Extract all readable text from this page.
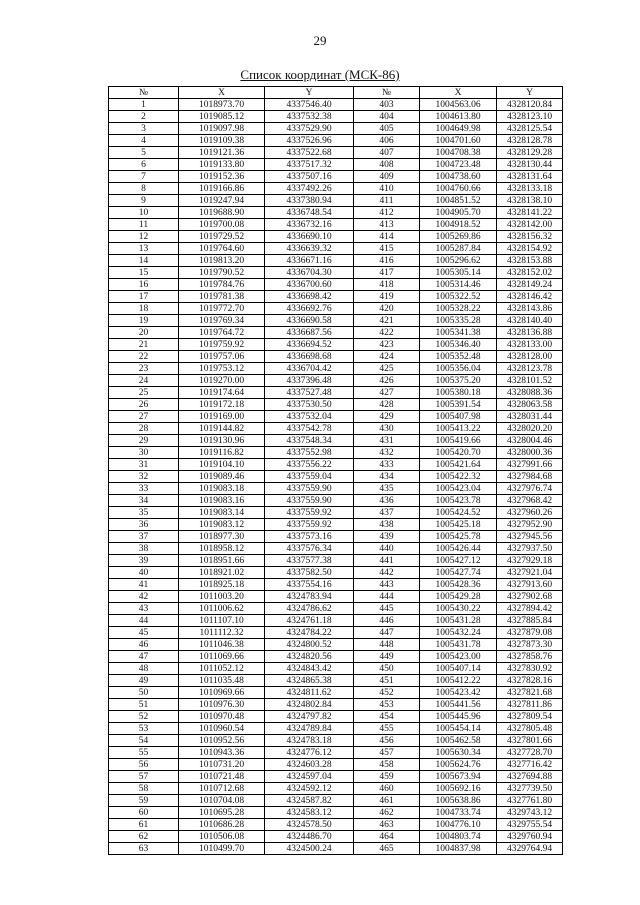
29
Список координат (МСК-86)
№	X	Y	№	X	Y
1	1018973.70	4337546.40	403	1004563.06	4328120.84
2	1019085.12	4337532.38	404	1004613.80	4328123.10
3	1019097.98	4337529.90	405	1004649.98	4328125.54
4	1019109.38	4337526.96	406	1004701.60	4328128.78
5	1019121.36	4337522.68	407	1004708.38	4328129.28
6	1019133.80	4337517.32	408	1004723.48	4328130.44
7	1019152.36	4337507.16	409	1004738.60	4328131.64
8	1019166.86	4337492.26	410	1004760.66	4328133.18
9	1019247.94	4337380.94	411	1004851.52	4328138.10
10	1019688.90	4336748.54	412	1004905.70	4328141.22
11	1019700.08	4336732.16	413	1004918.52	4328142.00
12	1019729.52	4336690.10	414	1005269.86	4328156.32
13	1019764.60	4336639.32	415	1005287.84	4328154.92
14	1019813.20	4336671.16	416	1005296.62	4328153.88
15	1019790.52	4336704.30	417	1005305.14	4328152.02
16	1019784.76	4336700.60	418	1005314.46	4328149.24
17	1019781.38	4336698.42	419	1005322.52	4328146.42
18	1019772.70	4336692.76	420	1005328.22	4328143.86
19	1019769.34	4336690.58	421	1005335.28	4328140.40
20	1019764.72	4336687.56	422	1005341.38	4328136.88
21	1019759.92	4336694.52	423	1005346.40	4328133.00
22	1019757.06	4336698.68	424	1005352.48	4328128.00
23	1019753.12	4336704.42	425	1005356.04	4328123.78
24	1019270.00	4337396.48	426	1005375.20	4328101.52
25	1019174.64	4337527.48	427	1005380.18	4328088.36
26	1019172.18	4337530.50	428	1005391.54	4328063.58
27	1019169.00	4337532.04	429	1005407.98	4328031.44
28	1019144.82	4337542.78	430	1005413.22	4328020.20
29	1019130.96	4337548.34	431	1005419.66	4328004.46
30	1019116.82	4337552.98	432	1005420.70	4328000.36
31	1019104.10	4337556.22	433	1005421.64	4327991.66
32	1019089.46	4337559.04	434	1005422.32	4327984.68
33	1019083.18	4337559.90	435	1005423.04	4327976.74
34	1019083.16	4337559.90	436	1005423.78	4327968.42
35	1019083.14	4337559.92	437	1005424.52	4327960.26
36	1019083.12	4337559.92	438	1005425.18	4327952.90
37	1018977.30	4337573.16	439	1005425.78	4327945.56
38	1018958.12	4337576.34	440	1005426.44	4327937.50
39	1018951.66	4337577.38	441	1005427.12	4327929.18
40	1018921.02	4337582.50	442	1005427.74	4327921.04
41	1018925.18	4337554.16	443	1005428.36	4327913.60
42	1011003.20	4324783.94	444	1005429.28	4327902.68
43	1011006.62	4324786.62	445	1005430.22	4327894.42
44	1011107.10	4324761.18	446	1005431.28	4327885.84
45	1011112.32	4324784.22	447	1005432.24	4327879.08
46	1011046.38	4324800.52	448	1005431.78	4327873.30
47	1011069.66	4324820.56	449	1005423.00	4327858.76
48	1011052.12	4324843.42	450	1005407.14	4327830.92
49	1011035.48	4324865.38	451	1005412.22	4327828.16
50	1010969.66	4324811.62	452	1005423.42	4327821.68
51	1010976.30	4324802.84	453	1005441.56	4327811.86
52	1010970.48	4324797.82	454	1005445.96	4327809.54
53	1010960.54	4324789.84	455	1005454.14	4327805.48
54	1010952.56	4324783.18	456	1005462.58	4327801.66
55	1010943.36	4324776.12	457	1005630.34	4327728.70
56	1010731.20	4324603.28	458	1005624.76	4327716.42
57	1010721.48	4324597.04	459	1005673.94	4327694.88
58	1010712.68	4324592.12	460	1005692.16	4327739.50
59	1010704.08	4324587.82	461	1005638.86	4327761.80
60	1010695.28	4324583.12	462	1004733.74	4329743.12
61	1010686.28	4324578.50	463	1004776.10	4329755.54
62	1010506.08	4324486.70	464	1004803.74	4329760.94
63	1010499.70	4324500.24	465	1004837.98	4329764.94
